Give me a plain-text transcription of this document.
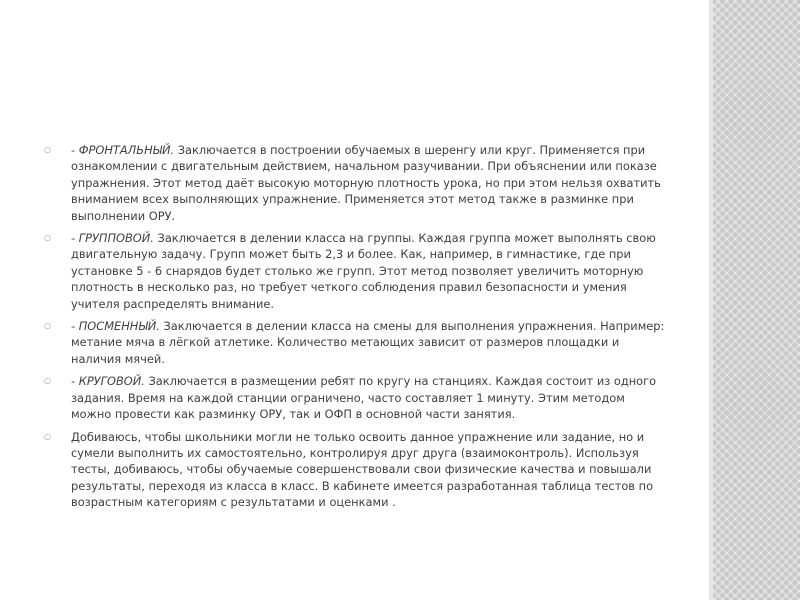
○ - ФРОНТАЛЬНЫЙ. Заключается в построении обучаемых в шеренгу или круг. Применяется при ознакомлении с двигательным действием, начальном разучивании. При объяснении или показе упражнения. Этот метод даёт высокую моторную плотность урока, но при этом нельзя охватить вниманием всех выполняющих упражнение. Применяется этот метод также в разминке при выполнении ОРУ.
○ - ГРУППОВОЙ. Заключается в делении класса на группы. Каждая группа может выполнять свою двигательную задачу. Групп может быть 2,3 и более. Как, например, в гимнастике, где при установке 5 - 6 снарядов будет столько же групп. Этот метод позволяет увеличить моторную плотность в несколько раз, но требует четкого соблюдения правил безопасности и умения учителя распределять внимание.
○ - ПОСМЕННЫЙ. Заключается в делении класса на смены для выполнения упражнения. Например: метание мяча в лёгкой атлетике. Количество метающих зависит от размеров площадки и наличия мячей.
○ - КРУГОВОЙ. Заключается в размещении ребят по кругу на станциях. Каждая состоит из одного задания. Время на каждой станции ограничено, часто составляет 1 минуту. Этим методом можно провести как разминку ОРУ, так и ОФП в основной части занятия.
○ Добиваюсь, чтобы школьники могли не только освоить данное упражнение или задание, но и сумели выполнить их самостоятельно, контролируя друг друга (взаимоконтроль). Используя тесты, добиваюсь, чтобы обучаемые совершенствовали свои физические качества и повышали результаты, переходя из класса в класс. В кабинете имеется разработанная таблица тестов по возрастным категориям с результатами и оценками .
